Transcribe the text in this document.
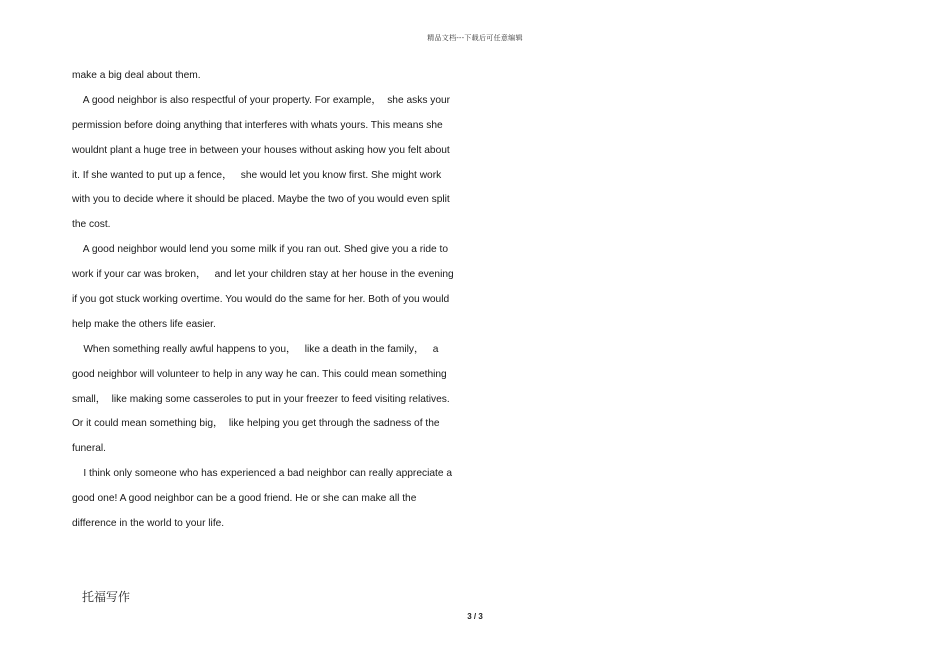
精品文档---下载后可任意编辑
make a big deal about them.
A good neighbor is also respectful of your property. For example，  she asks your
permission before doing anything that interferes with whats yours. This means she
wouldnt plant a huge tree in between your houses without asking how you felt about
it. If she wanted to put up a fence，   she would let you know first. She might work
with you to decide where it should be placed. Maybe the two of you would even split
the cost.
A good neighbor would lend you some milk if you ran out. Shed give you a ride to
work if your car was broken，   and let your children stay at her house in the evening
if you got stuck working overtime. You would do the same for her. Both of you would
help make the others life easier.
When something really awful happens to you，   like a death in the family，   a
good neighbor will volunteer to help in any way he can. This could mean something
small，  like making some casseroles to put in your freezer to feed visiting relatives.
Or it could mean something big，  like helping you get through the sadness of the
funeral.
I think only someone who has experienced a bad neighbor can really appreciate a
good one! A good neighbor can be a good friend. He or she can make all the
difference in the world to your life.
托福写作
3 / 3
